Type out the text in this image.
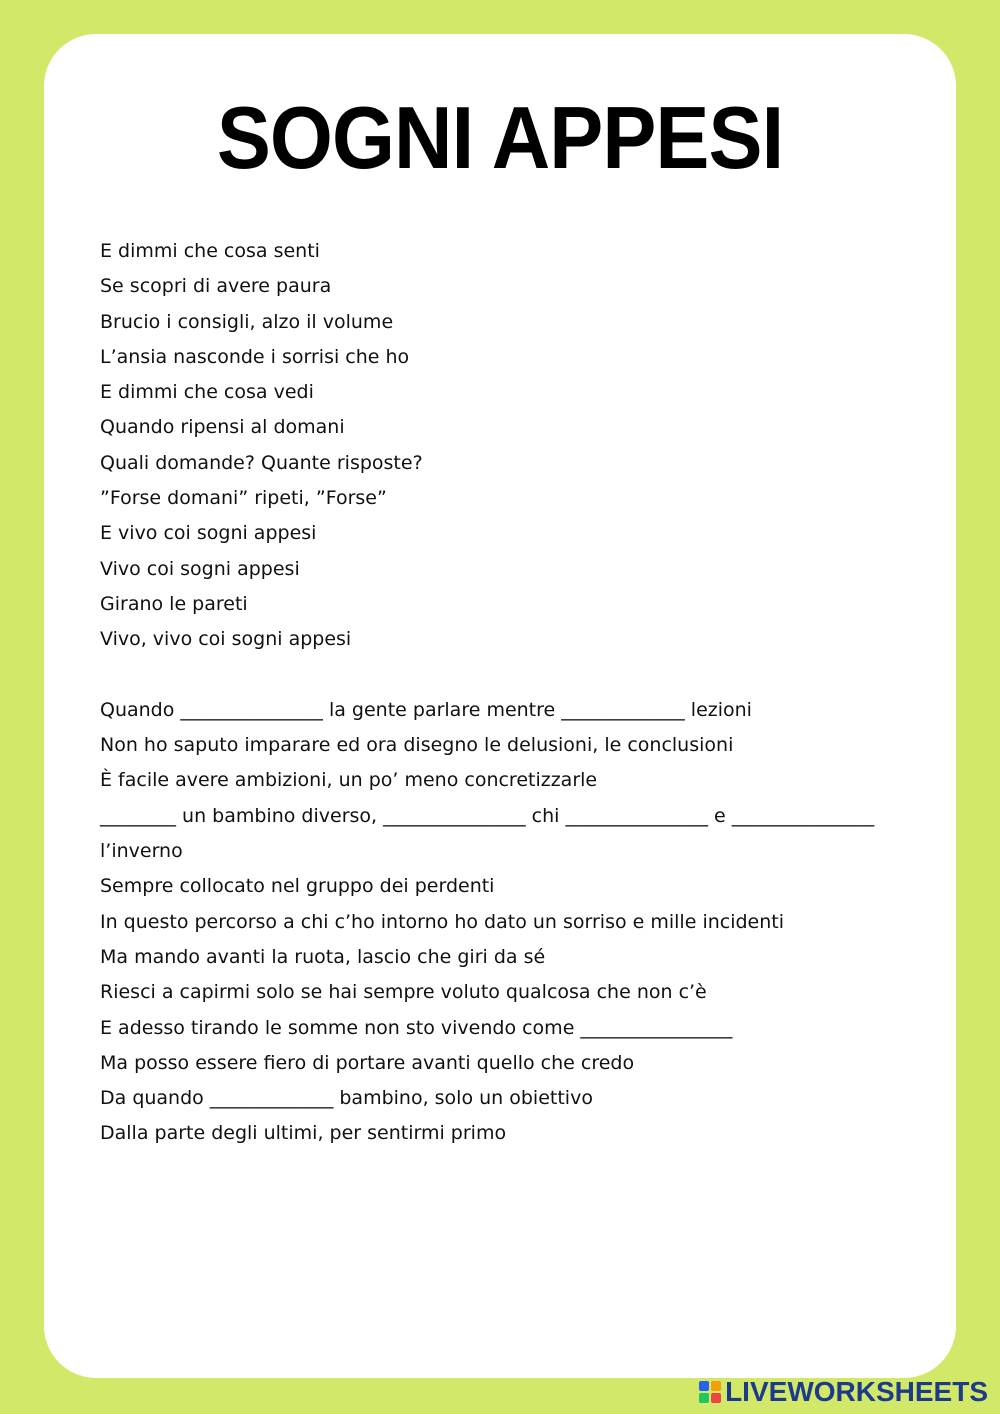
SOGNI APPESI
E dimmi che cosa senti
Se scopri di avere paura
Brucio i consigli, alzo il volume
L’ansia nasconde i sorrisi che ho
E dimmi che cosa vedi
Quando ripensi al domani
Quali domande? Quante risposte?
”Forse domani” ripeti, ”Forse”
E vivo coi sogni appesi
Vivo coi sogni appesi
Girano le pareti
Vivo, vivo coi sogni appesi
Quando _______________ la gente parlare mentre _____________ lezioni
Non ho saputo imparare ed ora disegno le delusioni, le conclusioni
È facile avere ambizioni, un po’ meno concretizzarle
________ un bambino diverso, _______________ chi _______________ e _______________
l’inverno
Sempre collocato nel gruppo dei perdenti
In questo percorso a chi c’ho intorno ho dato un sorriso e mille incidenti
Ma mando avanti la ruota, lascio che giri da sé
Riesci a capirmi solo se hai sempre voluto qualcosa che non c’è
E adesso tirando le somme non sto vivendo come ________________
Ma posso essere fiero di portare avanti quello che credo
Da quando _____________ bambino, solo un obiettivo
Dalla parte degli ultimi, per sentirmi primo
LIVEWORKSHEETS
